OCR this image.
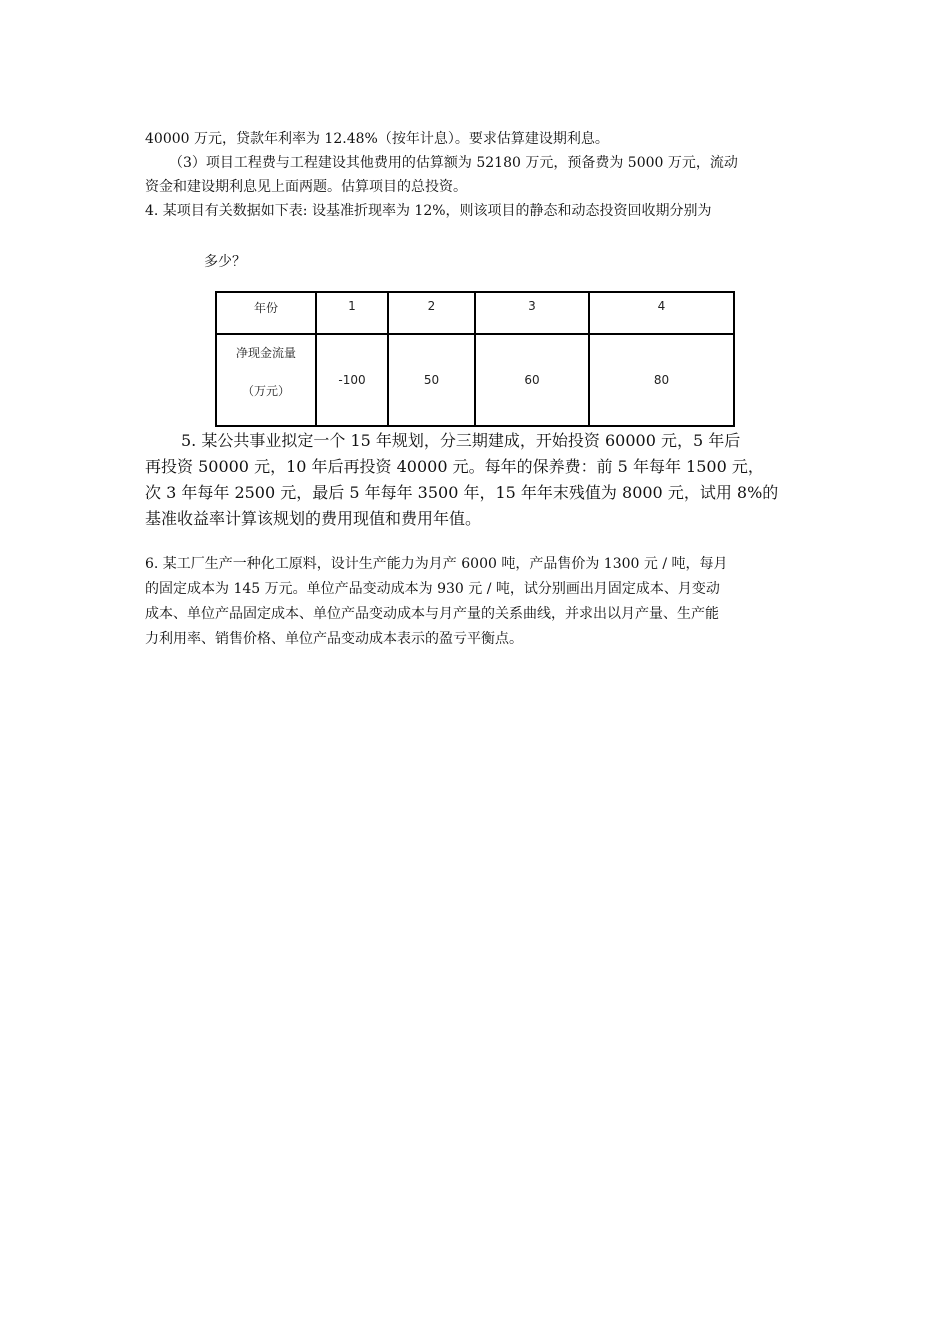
40000 万元，贷款年利率为 12.48%（按年计息）。要求估算建设期利息。
（3）项目工程费与工程建设其他费用的估算额为 52180 万元，预备费为 5000 万元，流动
资金和建设期利息见上面两题。估算项目的总投资。
4. 某项目有关数据如下表: 设基准折现率为 12%，则该项目的静态和动态投资回收期分别为
多少？
年份	1	2	3	4
净现金流量
（万元）	-100	50	60	80
5. 某公共事业拟定一个 15 年规划，分三期建成，开始投资 60000 元，5 年后
再投资 50000 元，10 年后再投资 40000 元。每年的保养费：前 5 年每年 1500 元，
次 3 年每年 2500 元，最后 5 年每年 3500 年，15 年年末残值为 8000 元，试用 8%的
基准收益率计算该规划的费用现值和费用年值。
6. 某工厂生产一种化工原料，设计生产能力为月产 6000 吨，产品售价为 1300 元 / 吨，每月
的固定成本为 145 万元。单位产品变动成本为 930 元 / 吨，试分别画出月固定成本、月变动
成本、单位产品固定成本、单位产品变动成本与月产量的关系曲线，并求出以月产量、生产能
力利用率、销售价格、单位产品变动成本表示的盈亏平衡点。
